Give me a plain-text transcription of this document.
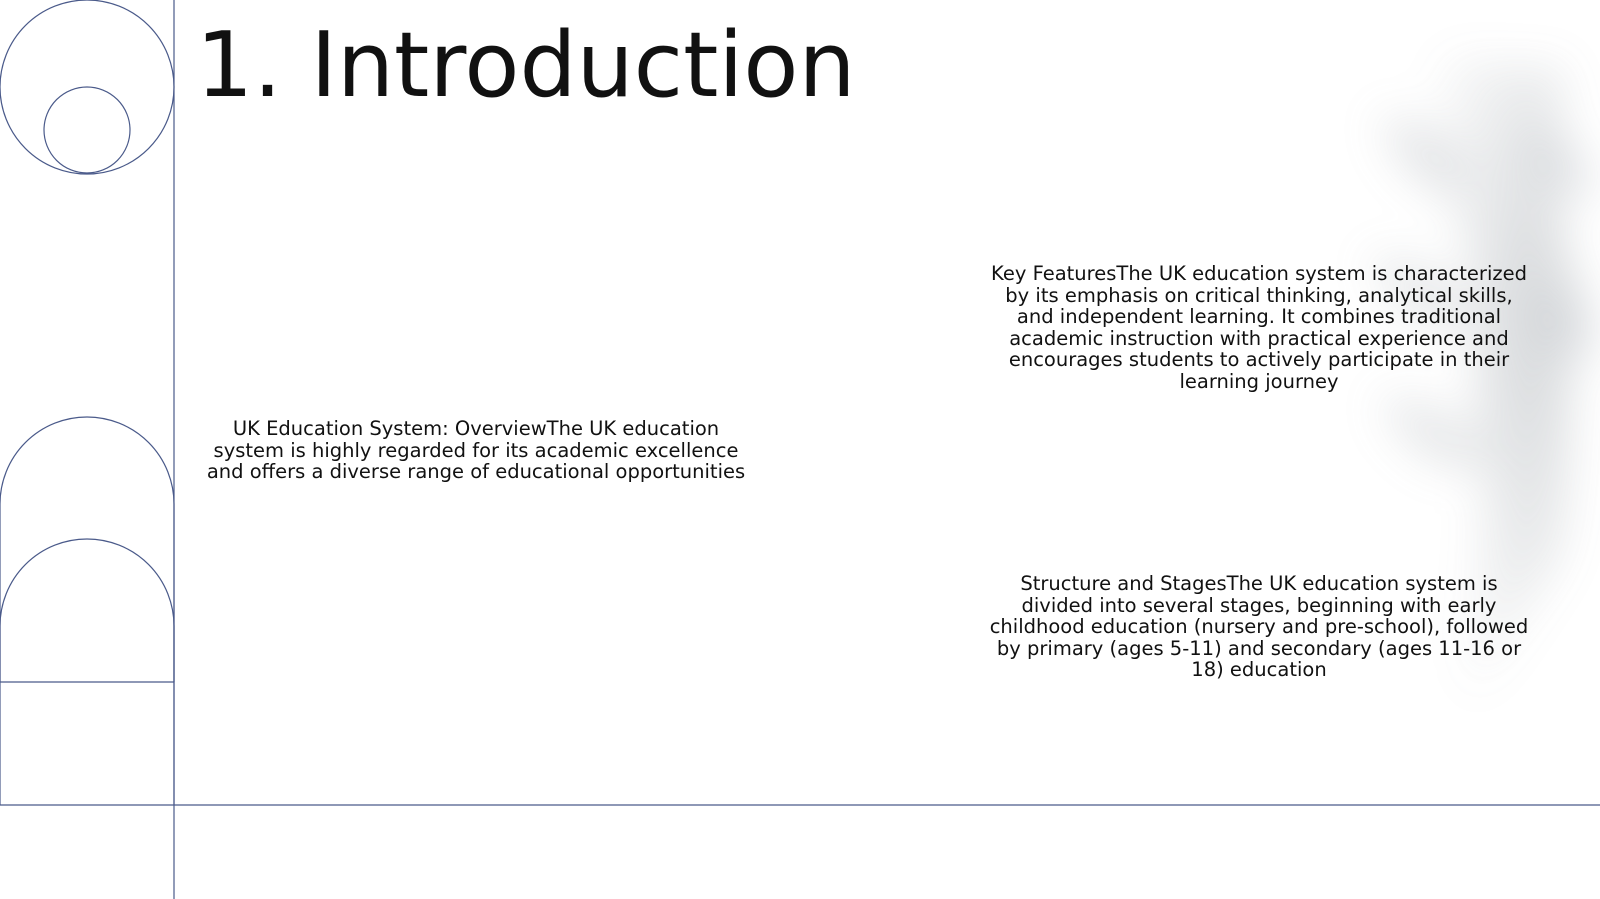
1. Introduction

UK Education System: OverviewThe UK education system is highly regarded for its academic excellence and offers a diverse range of educational opportunities

Key FeaturesThe UK education system is characterized by its emphasis on critical thinking, analytical skills, and independent learning. It combines traditional academic instruction with practical experience and encourages students to actively participate in their learning journey

Structure and StagesThe UK education system is divided into several stages, beginning with early childhood education (nursery and pre-school), followed by primary (ages 5-11) and secondary (ages 11-16 or 18) education
